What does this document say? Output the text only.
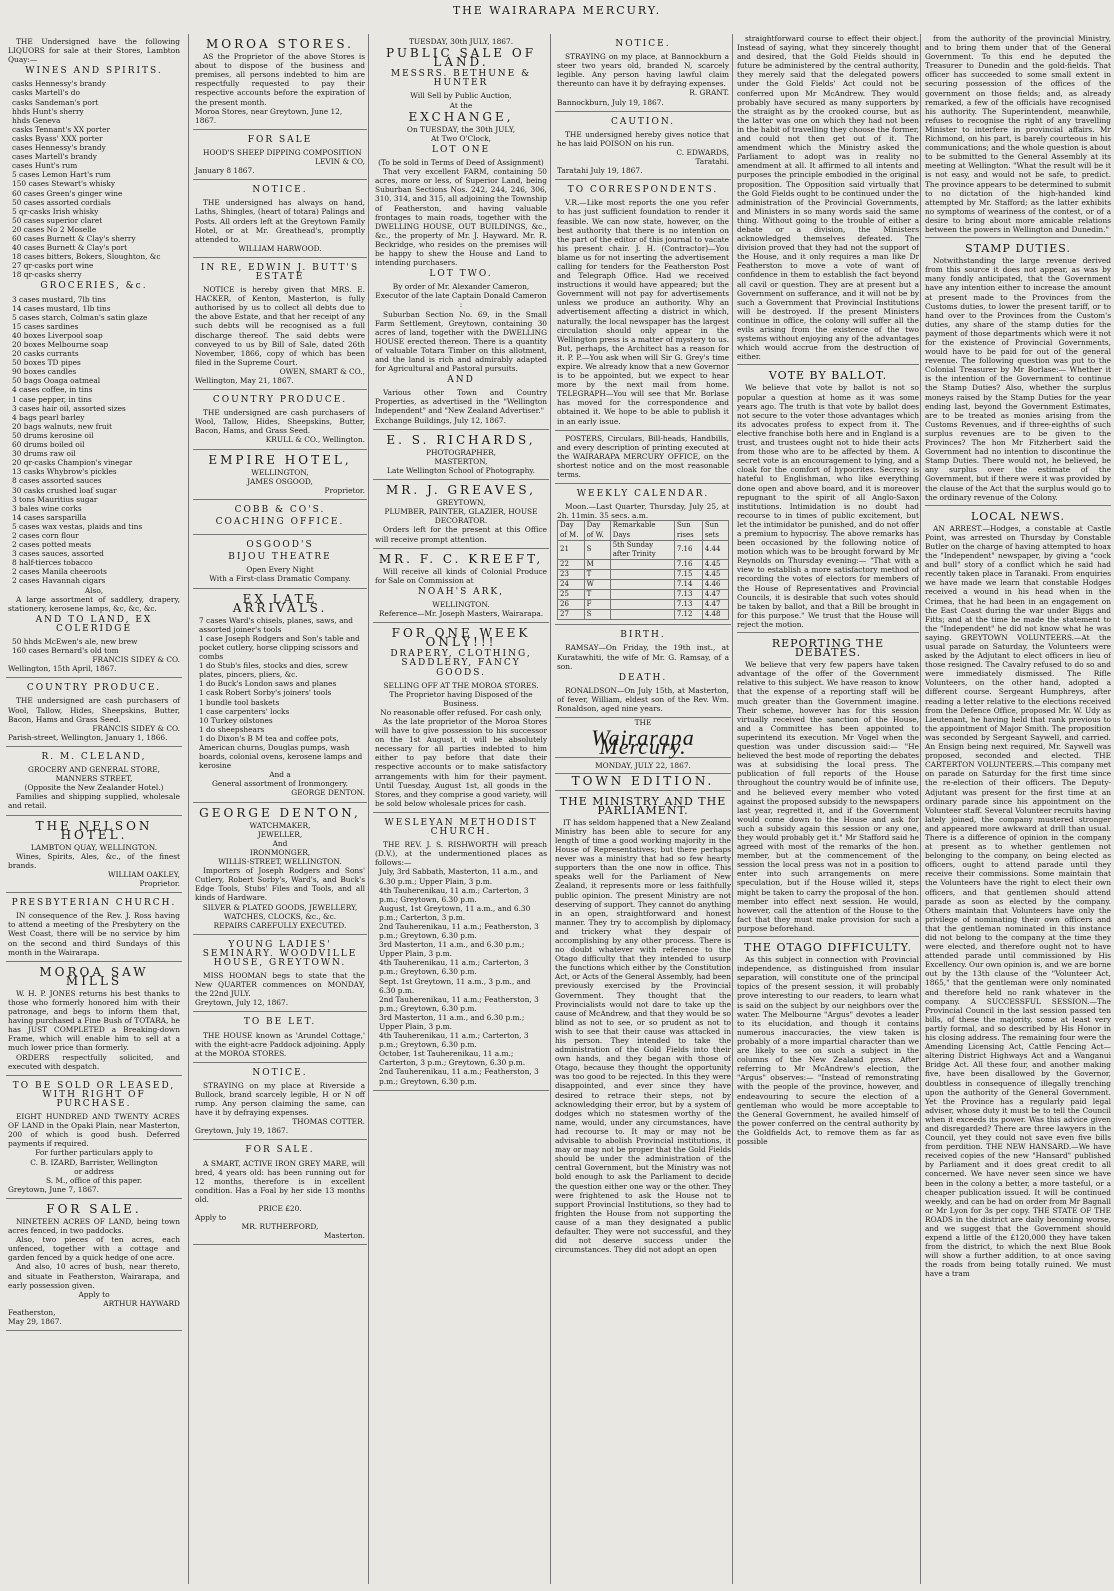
THE WAIRARAPA MERCURY.

THE Undersigned have the following LIQUORS for sale at their Stores, Lambton Quay:—

WINES AND SPIRITS.
casks Hennessy's brandy
casks Martell's do
casks Sandeman's port
hhds Hunt's sherry
hhds Geneva
casks Tennant's XX porter
casks Byass' XXX porter
cases Hennessy's brandy
cases Martell's brandy
cases Hunt's rum
5 cases Lemon Hart's rum
150 cases Stewart's whisky
60 cases Green's ginger wine
50 cases assorted cordials
5 qr-casks Irish whisky
50 cases superior claret
20 cases No 2 Moselle
60 cases Burnett & Clay's sherry
40 cases Burnett & Clay's port
18 cases bitters, Bokers, Sloughton, &c
27 qr-casks port wine
18 qr-casks sherry
GROCERIES, &c.
3 cases mustard, 7lb tins
14 cases mustard, 1lb tins
5 cases starch, Colman's satin glaze
15 cases sardines
40 boxes Liverpool soap
20 boxes Melbourne soap
20 casks currants
50 boxes TD pipes
90 boxes candles
50 bags Ooaga oatmeal
4 cases coffee, in tins
1 case pepper, in tins
3 cases hair oil, assorted sizes
4 bags pearl barley
20 bags walnuts, new fruit
50 drums kerosine oil
60 drums boiled oil
30 drums raw oil
20 qr-casks Champion's vinegar
13 casks Whybrow's pickles
8 cases assorted sauces
30 casks crushed loaf sugar
3 tons Mauritius sugar
3 bales wine corks
14 cases sarsparilla
5 cases wax vestas, plaids and tins
2 cases corn flour
2 cases potted meats
3 cases sauces, assorted
8 half-tierces tobacco
2 cases Manila cheeroots
2 cases Havannah cigars
Also,

A large assortment of saddlery, drapery, stationery, kerosene lamps, &c, &c, &c.

AND TO LAND, EX COLERIDGE
50 hhds McEwen's ale, new brew
160 cases Bernard's old tom
FRANCIS SIDEY & CO.
Wellington, 15th April, 1867.
COUNTRY PRODUCE.

THE undersigned are cash purchasers of Wool, Tallow, Hides, Sheepskins, Butter, Bacon, Hams and Grass Seed.

FRANCIS SIDEY & CO.
Parish-street, Wellington, January 1, 1866.
R. M. CLELAND,
GROCERY AND GENERAL STORE,
MANNERS STREET,
(Opposite the New Zealander Hotel.)

Families and shipping supplied, wholesale and retail.

THE NELSON HOTEL.
LAMBTON QUAY, WELLINGTON.

Wines, Spirits, Ales, &c., of the finest brands.

WILLIAM OAKLEY,
Proprietor.
PRESBYTERIAN CHURCH.

IN consequence of the Rev. J. Ross having to attend a meeting of the Presbytery on the West Coast, there will be no service by him on the second and third Sundays of this month in the Wairarapa.

MOROA SAW MILLS

W. H. P. JONES returns his best thanks to those who formerly honored him with their patronage, and begs to inform them that, having purchased a Fine Bush of TOTARA, he has JUST COMPLETED a Breaking-down Frame, which will enable him to sell at a much lower price than formerly.

ORDERS respectfully solicited, and executed with despatch.

TO BE SOLD OR LEASED, WITH RIGHT OF PURCHASE.

EIGHT HUNDRED AND TWENTY ACRES OF LAND in the Opaki Plain, near Masterton, 200 of which is good bush. Deferred payments if required.

For further particulars apply to
C. B. IZARD, Barrister, Wellington
or address
S. M., office of this paper.
Greytown, June 7, 1867.
FOR SALE.

NINETEEN ACRES OF LAND, being town acres fenced, in two paddocks.

Also, two pieces of ten acres, each unfenced, together with a cottage and garden fenced by a quick hedge of one acre.

And also, 10 acres of bush, near thereto, and situate in Featherston, Wairarapa, and early possession given.

Apply to
ARTHUR HAYWARD
Featherston,
May 29, 1867.
MOROA STORES.

AS the Proprietor of the above Stores is about to dispose of the business and premises, all persons indebted to him are respectfully requested to pay their respective accounts before the expiration of the present month.

Moroa Stores, near Greytown, June 12, 1867.
FOR SALE

HOOD'S SHEEP DIPPING COMPOSITION

LEVIN & CO,
January 8 1867.
NOTICE.

THE undersigned has always on hand, Laths, Shingles, (heart of totara) Palings and Posts. All orders left at the Greytown Family Hotel, or at Mr. Greathead's, promptly attended to.

WILLIAM HARWOOD.
IN RE, EDWIN J. BUTT'S ESTATE

NOTICE is hereby given that MRS. E. HACKER, of Kenton, Masterton, is fully authorised by us to collect all debts due to the above Estate, and that her receipt of any such debts will be recognised as a full discharge thereof. The said debts were conveyed to us by Bill of Sale, dated 26th November, 1866, copy of which has been filed in the Supreme Court.

OWEN, SMART & CO.,
Wellington, May 21, 1867.
COUNTRY PRODUCE.

THE undersigned are cash purchasers of Wool, Tallow, Hides, Sheepskins, Butter, Bacon, Hams, and Grass Seed.

KRULL & CO., Wellington.
EMPIRE HOTEL,
WELLINGTON,
JAMES OSGOOD,
Proprietor.
COBB & CO'S.
COACHING OFFICE.
OSGOOD'S
BIJOU THEATRE
Open Every Night
With a First-class Dramatic Company.
EX LATE ARRIVALS.
7 cases Ward's chisels, planes, saws, and assorted joiner's tools
1 case Joseph Rodgers and Son's table and pocket cutlery, horse clipping scissors and combs
1 do Stub's files, stocks and dies, screw plates, pincers, pliers, &c.
1 do Buck's London saws and planes
1 cask Robert Sorby's joiners' tools
1 bundle tool baskets
1 case carpenters' locks
10 Turkey oilstones
1 do sheepshears
1 do Dixon's B M tea and coffee pots, American churns, Douglas pumps, wash boards, colonial ovens, kerosene lamps and kerosine
And a
General assortment of Ironmongery.
GEORGE DENTON.
GEORGE DENTON,
WATCHMAKER,
JEWELLER,
And
IRONMONGER,
WILLIS-STREET, WELLINGTON.

Importers of Joseph Rodgers and Sons' Cutlery, Robert Sorby's, Ward's, and Buck's Edge Tools, Stubs' Files and Tools, and all kinds of Hardware.

SILVER & PLATED GOODS, JEWELLERY, WATCHES, CLOCKS, &c., &c.
REPAIRS CAREFULLY EXECUTED.
YOUNG LADIES' SEMINARY. WOODVILLE HOUSE, GREYTOWN.

MISS HOOMAN begs to state that the New QUARTER commences on MONDAY, the 22nd JULY.

Greytown, July 12, 1867.
TO BE LET.

THE HOUSE known as 'Arundel Cottage,' with the eight-acre Paddock adjoining. Apply at the MOROA STORES.

NOTICE.

STRAYING on my place at Riverside a Bullock, brand scarcely legible, H or N off rump. Any person claiming the same, can have it by defraying expenses.

THOMAS COTTER.
Greytown, July 19, 1867.
FOR SALE.

A SMART, ACTIVE IRON GREY MARE, will bred, 4 years old: has been running out for 12 months, therefore is in excellent condition. Has a Foal by her side 13 months old.

PRICE £20.
Apply to
MR. RUTHERFORD,
Masterton.
TUESDAY, 30th JULY, 1867.
PUBLIC SALE OF LAND.
MESSRS. BETHUNE & HUNTER
Will Sell by Public Auction,
At the
EXCHANGE,
On TUESDAY, the 30th JULY,
At Two O'Clock,
LOT ONE
(To be sold in Terms of Deed of Assignment)

That very excellent FARM, containing 50 acres, more or less, of Superior Land, being Suburban Sections Nos. 242, 244, 246, 306, 310, 314, and 315, all adjoining the Township of Featherston, and having valuable frontages to main roads, together with the DWELLING HOUSE, OUT BUILDINGS, &c., &c., the property of Mr. J. Hayward. Mr. R. Beckridge, who resides on the premises will be happy to shew the House and Land to intending purchasers.

LOT TWO.
By order of Mr. Alexander Cameron, Executor of the late Captain Donald Cameron :

Suburban Section No. 69, in the Small Farm Settlement, Greytown, containing 30 acres of land, together with the DWELLING HOUSE erected thereon. There is a quantity of valuable Totara Timber on this allotment, and the land is rich and admirably adapted for Agricultural and Pastoral pursuits.

AND

Various other Town and Country Properties, as advertised in the "Wellington Independent" and "New Zealand Advertiser."

Exchange Buildings, July 12, 1867.
E. S. RICHARDS,
PHOTOGRAPHER,
MASTERTON,
Late Wellington School of Photography.
MR. J. GREAVES,
GREYTOWN,
PLUMBER, PAINTER, GLAZIER, HOUSE DECORATOR.

Orders left for the present at this Office will receive prompt attention.

MR. F. C. KREEFT,

Will receive all kinds of Colonial Produce for Sale on Commission at

NOAH'S ARK,
WELLINGTON.
Reference—Mr. Joseph Masters, Wairarapa.
FOR ONE WEEK ONLY!!!
DRAPERY, CLOTHING, SADDLERY, FANCY GOODS.
SELLING OFF AT THE MOROA STORES.
The Proprietor having Disposed of the Business.
No reasonable offer refused. For cash only,

As the late proprietor of the Moroa Stores will have to give possession to his successor on the 1st August, it will be absolutely necessary for all parties indebted to him either to pay before that date their respective accounts or to make satisfactory arrangements with him for their payment. Until Tuesday, August 1st, all goods in the Stores, and they comprise a good variety, will be sold below wholesale prices for cash.

WESLEYAN METHODIST CHURCH.

THE REV. J. S. RISHWORTH will preach (D.V.), at the undermentioned places as follows:—

July, 3rd Sabbath, Masterton, 11 a.m., and 6.30 p.m.; Upper Plain, 3 p.m.
4th Tauherenikau, 11 a.m.; Carterton, 3 p.m.; Greytown, 6.30 p.m.
August, 1st Greytown, 11 a.m., and 6.30 p.m.; Carterton, 3 p.m.
2nd Tauherenikau, 11 a.m.; Featherston, 3 p.m.; Greytown, 6.30 p.m.
3rd Masterton, 11 a.m., and 6.30 p.m.; Upper Plain, 3 p.m.
4th Tauherenikau, 11 a.m.; Carterton, 3 p.m.; Greytown, 6.30 p.m.
Sept. 1st Greytown, 11 a.m., 3 p.m., and 6.30 p.m.
2nd Tauherenikau, 11 a.m.; Featherston, 3 p.m.; Greytown, 6.30 p.m.
3rd Masterton, 11 a.m., and 6.30 p.m.; Upper Plain, 3 p.m.
4th Tauherenikau, 11 a.m.; Carterton, 3 p.m.; Greytown, 6.30 p.m.
October, 1st Tauherenikau, 11 a.m.; Carterton, 3 p.m.; Greytown, 6.30 p.m.
2nd Tauherenikau, 11 a.m.; Featherston, 3 p.m.; Greytown, 6.30 p.m.
NOTICE.

STRAYING on my place, at Bannockburn a steer two years old, branded N, scarcely legible. Any person having lawful claim thereunto can have it by defraying expenses.

R. GRANT.
Bannockburn, July 19, 1867.
CAUTION.

THE undersigned hereby gives notice that he has laid POISON on his run.

C. EDWARDS,
Taratahi.
Taratahi July 19, 1867.
TO CORRESPONDENTS.

V.R.—Like most reports the one you refer to has just sufficient foundation to render it feasible. We can now state, however, on the best authority that there is no intention on the part of the editor of this journal to vacate his present chair. J. H. (Contractor)—You blame us for not inserting the advertisement calling for tenders for the Featherston Post and Telegraph Office. Had we received instructions it would have appeared; but the Government will not pay for advertisements unless we produce an authority. Why an advertisement affecting a district in which, naturally, the local newspaper has the largest circulation should only appear in the Wellington press is a matter of mystery to us. But, perhaps, the Architect has a reason for it. P. P.—You ask when will Sir G. Grey's time expire. We already know that a new Governor is to be appointed, but we expect to hear more by the next mail from home. TELEGRAPH—You will see that Mr. Borlase has moved for the correspondence and obtained it. We hope to be able to publish it in an early issue.

POSTERS, Circulars, Bill-heads, Handbills, and every description of printing executed at the WAIRARAPA MERCURY OFFICE, on the shortest notice and on the most reasonable terms.

WEEKLY CALENDAR.

Moon.—Last Quarter, Thursday, July 25, at 2h. 11min. 35 secs. a.m.

Day of M.	Day of W.	Remarkable Days	Sun rises	Sun sets
21	S	5th Sunday after Trinity	7.16	4.44
22	M		7.16	4.45
23	T		7.15	4.45
24	W		7.14	4.46
25	T		7.13	4.47
26	F		7.13	4.47
27	S		7.12	4.48
BIRTH.

RAMSAY—On Friday, the 19th inst., at Kuratawhiti, the wife of Mr. G. Ramsay, of a son.

DEATH.

RONALDSON—On July 15th, at Masterton, of fever, William, eldest son of the Rev. Wm. Ronaldson, aged nine years.

THE
Wairarapa Mercury.
MONDAY, JULY 22, 1867.
TOWN EDITION.
THE MINISTRY AND THE PARLIAMENT.

IT has seldom happened that a New Zealand Ministry has been able to secure for any length of time a good working majority in the House of Representatives; but there perhaps never was a ministry that had so few hearty supporters than the one now in office. This speaks well for the Parliament of New Zealand, it represents more or less faithfully public opinion. The present Ministry are not deserving of support. They cannot do anything in an open, straightforward and honest manner. They try to accomplish by diplomacy and trickery what they despair of accomplishing by any other process. There is no doubt whatever with reference to the Otago difficulty that they intended to usurp the functions which either by the Constitution Act, or Acts of the General Assembly, had been previously exercised by the Provincial Government. They thought that the Provincialists would not dare to take up the cause of McAndrew, and that they would be so blind as not to see, or so prudent as not to wish to see that their cause was attacked in his person. They intended to take the administration of the Gold Fields into their own hands, and they began with those of Otago, because they thought the opportunity was too good to be rejected. In this they were disappointed, and ever since they have desired to retrace their steps, not by acknowledging their error, but by a system of dodges which no statesmen worthy of the name, would, under any circumstances, have had recourse to. It may or may not be advisable to abolish Provincial institutions, it may or may not be proper that the Gold Fields should be under the administration of the central Government, but the Ministry was not bold enough to ask the Parliament to decide the question either one way or the other. They were frightened to ask the House not to support Provincial Institutions, so they had to frighten the House from not supporting the cause of a man they designated a public defaulter. They were not successful, and they did not deserve success under the circumstances. They did not adopt an open

straightforward course to effect their object. Instead of saying, what they sincerely thought and desired, that the Gold Fields should in future be administered by the central authority, they merely said that the delegated powers under the Gold Fields' Act could not be conferred upon Mr McAndrew. They would probably have secured as many supporters by the straight as by the crooked course, but as the latter was one on which they had not been in the habit of travelling they choose the former, and could not then get out of it. The amendment which the Ministry asked the Parliament to adopt was in reality no amendment at all. It affirmed to all intents and purposes the principle embodied in the original proposition. The Opposition said virtually that the Gold Fields ought to be continued under the administration of the Provincial Governments, and Ministers in so many words said the same thing. Without going to the trouble of either a debate or a division, the Ministers acknowledged themselves defeated. The division proved that they had not the support of the House, and it only requires a man like Dr Featherston to move a vote of want of confidence in them to establish the fact beyond all cavil or question. They are at present but a Government on sufferance, and it will not be by such a Government that Provincial Institutions will be destroyed. If the present Ministers continue in office, the colony will suffer all the evils arising from the existence of the two systems without enjoying any of the advantages which would accrue from the destruction of either.

VOTE BY BALLOT.

We believe that vote by ballot is not so popular a question at home as it was some years ago. The truth is that vote by ballot does not secure to the voter those advantages which its advocates profess to expect from it. The elective franchise both here and in England is a trust, and trustees ought not to hide their acts from those who are to be affected by them. A secret vote is an encouragement to lying, and a cloak for the comfort of hypocrites. Secrecy is hateful to Englishman, who like everything done open and above board, and it is moreover repugnant to the spirit of all Anglo-Saxon institutions. Intimidation is no doubt had recourse to in times of public excitement, but let the intimidator be punished, and do not offer a premium to hypocrisy. The above remarks has been occasioned by the following notice of motion which was to be brought forward by Mr Reynolds on Thursday evening:— "That with a view to establish a more satisfactory method of recording the votes of electors for members of the House of Representatives and Provincial Councils, it is desirable that such votes should be taken by ballot, and that a Bill be brought in for this purpose." We trust that the House will reject the motion.

REPORTING THE DEBATES.

We believe that very few papers have taken advantage of the offer of the Government relative to this subject. We have reason to know that the expense of a reporting staff will be much greater than the Government imagine. Their scheme, however has for this session virtually received the sanction of the House, and a Committee has been appointed to superintend its execution. Mr Vogel when the question was under discussion said:— "He believed the best mode of reporting the debates was at subsidising the local press. The publication of full reports of the House throughout the country would be of infinite use, and he believed every member who voted against the proposed subsidy to the newspapers last year, regretted it, and if the Government would come down to the House and ask for such a subsidy again this session or any one, they would probably get it." Mr Stafford said he agreed with most of the remarks of the hon. member, but at the commencement of the session the local press was not in a position to enter into such arrangements on mere speculation, but if the House willed it, steps might be taken to carry the proposal of the hon. member into effect next session. He would, however, call the attention of the House to the fact that they must make provision for such a purpose beforehand.

THE OTAGO DIFFICULTY.

As this subject in connection with Provincial independence, as distinguished from insular separation, will constitute one of the principal topics of the present session, it will probably prove interesting to our readers, to learn what is said on the subject by our neighbors over the water. The Melbourne "Argus" devotes a leader to its elucidation, and though it contains numerous inaccuracies, the view taken is probably of a more impartial character than we are likely to see on such a subject in the columns of the New Zealand press. After referring to Mr McAndrew's election, the "Argus" observes:— "Instead of remonstrating with the people of the province, however, and endeavouring to secure the election of a gentleman who would be more acceptable to the General Government, he availed himself of the power conferred on the central authority by the Goldfields Act, to remove them as far as possible

from the authority of the provincial Ministry, and to bring them under that of the General Government. To this end he deputed the Treasurer to Dunedin and the gold-fields. That officer has succeeded to some small extent in securing possession of the offices of the government on those fields; and, as already remarked, a few of the officials have recognised his authority. The Superintendent, meanwhile, refuses to recognise the right of any travelling Minister to interfere in provincial affairs. Mr Richmond, on his part, is barely courteous in his communications; and the whole question is about to be submitted to the General Assembly at its meeting at Wellington. "What the result will be it is not easy, and would not be safe, to predict. The province appears to be determined to submit to no dictation of the high-handed kind attempted by Mr. Stafford; as the latter exhibits no symptoms of weariness of the contest, or of a desire to bring about more amicable relations between the powers in Wellington and Dunedin."

STAMP DUTIES.

Notwithstanding the large revenue derived from this source it does not appear, as was by many fondly anticipated, that the Government have any intention either to increase the amount at present made to the Provinces from the Customs duties, to lower the present tariff, or to hand over to the Provinces from the Custom's duties, any share of the stamp duties for the payment of those departments which were it not for the existence of Provincial Governments, would have to be paid for out of the general revenue. The following question was put to the Colonial Treasurer by Mr Borlase:— Whether it is the intention of the Government to continue the Stamp Duties? Also, whether the surplus moneys raised by the Stamp Duties for the year ending last, beyond the Government Estimates, are to be treated as monies arising from the Customs Revenues, and if three-eighths of such surplus revenues are to be given to the Provinces? The hon Mr Fitzherbert said the Government had no intention to discontinue the Stamp Duties. There would not, he believed, be any surplus over the estimate of the Government, but if there were it was provided by the clause of the Act that the surplus would go to the ordinary revenue of the Colony.

LOCAL NEWS.

AN ARREST.—Hodges, a constable at Castle Point, was arrested on Thursday by Constable Butler on the charge of having attempted to hoax the "Independent" newspaper, by giving a "cock and bull" story of a conflict which he said had recently taken place in Taranaki. From enquiries we have made we learn that constable Hodges received a wound in his head when in the Crimea, that he had been in an engagement on the East Coast during the war under Biggs and Fitts; and at the time he made the statement to the "Independent" he did not know what he was saying. GREYTOWN VOLUNTEERS.—At the usual parade on Saturday, the Volunteers were asked by the Adjutant to elect officers in lieu of those resigned. The Cavalry refused to do so and were immediately dismissed. The Rifle Volunteers, on the other hand, adopted a different course. Sergeant Humphreys, after reading a letter relative to the elections received from the Defence Office, proposed Mr. W. Udy as Lieutenant, he having held that rank previous to the appointment of Major Smith. The proposition was seconded by Sergeant Saywell, and carried. An Ensign being next required, Mr. Saywell was proposed, seconded and elected. THE CARTERTON VOLUNTEERS.—This company met on parade on Saturday for the first time since the re-election of their officers. The Deputy-Adjutant was present for the first time at an ordinary parade since his appointment on the Volunteer staff. Several Volunteer recruits having lately joined, the company mustered stronger and appeared more awkward at drill than usual. There is a difference of opinion in the company at present as to whether gentlemen not belonging to the company, on being elected as officers, ought to attend parade until they receive their commissions. Some maintain that the Volunteers have the right to elect their own officers, and that gentlemen should attend parade as soon as elected by the company. Others maintain that Volunteers have only the privilege of nominating their own officers and that the gentleman nominated in this instance did not belong to the company at the time they were elected, and therefore ought not to have attended parade until commissioned by His Excellency. Our own opinion is, and we are borne out by the 13th clause of the "Volunteer Act, 1865," that the gentleman were only nominated and therefore held no rank whatever in the company. A SUCCESSFUL SESSION.—The Provincial Council in the last session passed ten bills, of these the majority, some at least very partly formal, and so described by His Honor in his closing address. The remaining four were the Amending Licensing Act, Cattle Fencing Act—altering District Highways Act and a Wanganui Bridge Act. All these four, and another making five, have been disallowed by the Governor, doubtless in consequence of illegally trenching upon the authority of the General Government. Yet the Province has a regularly paid legal adviser, whose duty it must be to tell the Council when it exceeds its power. Was this advice given and disregarded? There are three lawyers in the Council, yet they could not save even five bills from perdition. THE NEW HANSARD.—We have received copies of the new "Hansard" published by Parliament and it does great credit to all concerned. We have never seen since we have been in the colony a better, a more tasteful, or a cheaper publication issued. It will be continued weekly, and can be had on order from Mr Bagnall or Mr Lyon for 3s per copy. THE STATE OF THE ROADS in the district are daily becoming worse, and we suggest that the Government should expend a little of the £120,000 they have taken from the district, to which the next Blue Book will show a further addition, to at once saving the roads from being totally ruined. We must have a tram
